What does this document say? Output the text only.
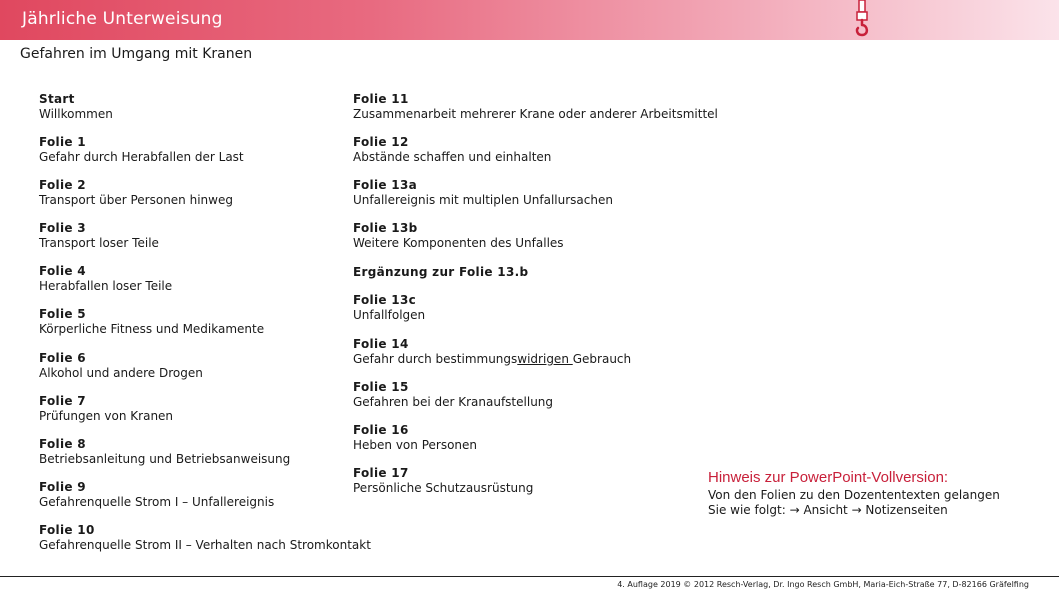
Jährliche Unterweisung
Gefahren im Umgang mit Kranen
Start
Willkommen
Folie 1
Gefahr durch Herabfallen der Last
Folie 2
Transport über Personen hinweg
Folie 3
Transport loser Teile
Folie 4
Herabfallen loser Teile
Folie 5
Körperliche Fitness und Medikamente
Folie 6
Alkohol und andere Drogen
Folie 7
Prüfungen von Kranen
Folie 8
Betriebsanleitung und Betriebsanweisung
Folie 9
Gefahrenquelle Strom I – Unfallereignis
Folie 10
Gefahrenquelle Strom II – Verhalten nach Stromkontakt
Folie 11
Zusammenarbeit mehrerer Krane oder anderer Arbeitsmittel
Folie 12
Abstände schaffen und einhalten
Folie 13a
Unfallereignis mit multiplen Unfallursachen
Folie 13b
Weitere Komponenten des Unfalles
Ergänzung zur Folie 13.b
Folie 13c
Unfallfolgen
Folie 14
Gefahr durch bestimmungswidrigen Gebrauch
Folie 15
Gefahren bei der Kranaufstellung
Folie 16
Heben von Personen
Folie 17
Persönliche Schutzausrüstung
Hinweis zur PowerPoint-Vollversion:
Von den Folien zu den Dozententexten gelangen
Sie wie folgt: → Ansicht → Notizenseiten
4. Auflage 2019 © 2012 Resch-Verlag, Dr. Ingo Resch GmbH, Maria-Eich-Straße 77, D-82166 Gräfelfing
